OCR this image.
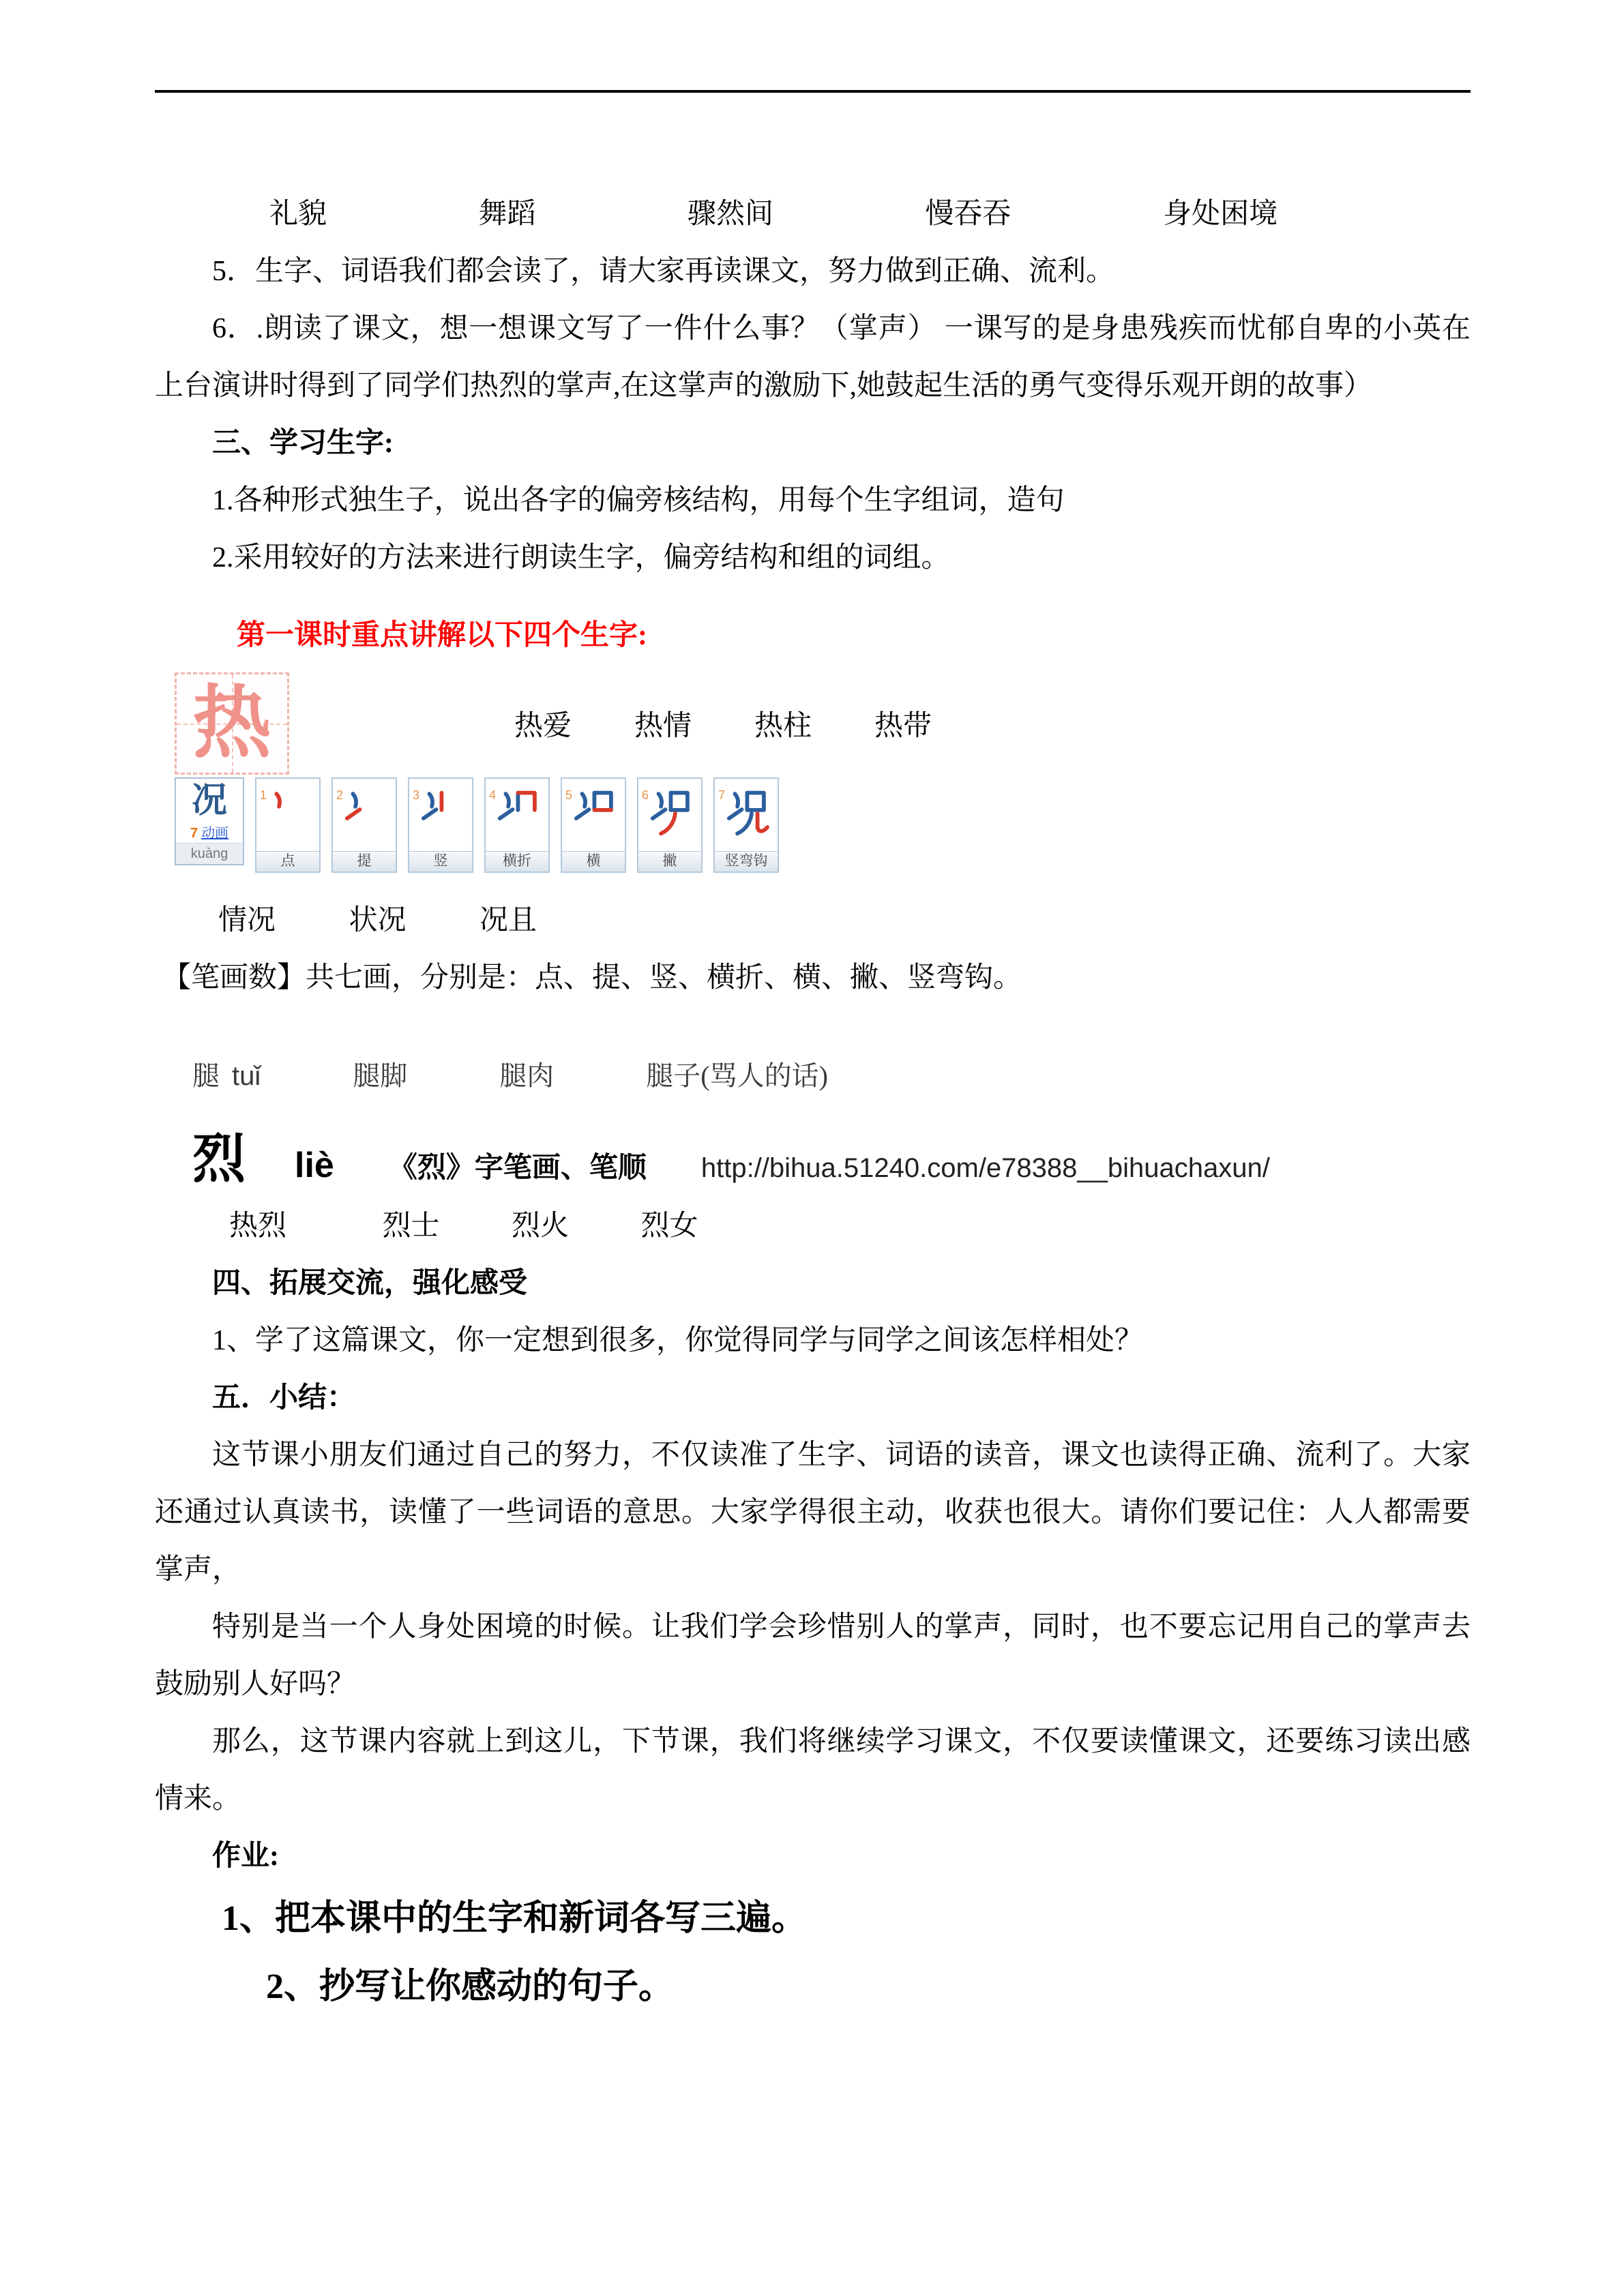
礼貌	舞蹈	骤然间	慢吞吞	身处困境

5．生字、词语我们都会读了，请大家再读课文，努力做到正确、流利。

6．.朗读了课文，想一想课文写了一件什么事？（掌声） 一课写的是身患残疾而忧郁自卑的小英在上台演讲时得到了同学们热烈的掌声,在这掌声的激励下,她鼓起生活的勇气变得乐观开朗的故事）

三、学习生字:

1.各种形式独生子，说出各字的偏旁核结构，用每个生字组词，造句

2.采用较好的方法来进行朗读生字，偏旁结构和组的词组。

第一课时重点讲解以下四个生字:

热	热爱 热情 热柱 热带
况
7 动画
kuàng
1
点
2
提
3
竖
4
横折
5
横
6
撇
7
竖弯钩

情况	状况	况且

【笔画数】共七画，分别是：点、提、竖、横折、横、撇、竖弯钩。

腿 tuǐ	腿脚	腿肉	腿子(骂人的话)

烈 liè 《烈》字笔画、笔顺 http://bihua.51240.com/e78388__bihuachaxun/

热烈	烈士	烈火	烈女

四、拓展交流，强化感受

1、学了这篇课文，你一定想到很多，你觉得同学与同学之间该怎样相处？

五．小结：

这节课小朋友们通过自己的努力，不仅读准了生字、词语的读音，课文也读得正确、流利了。大家还通过认真读书，读懂了一些词语的意思。大家学得很主动，收获也很大。请你们要记住：人人都需要掌声，

特别是当一个人身处困境的时候。让我们学会珍惜别人的掌声，同时，也不要忘记用自己的掌声去鼓励别人好吗？

那么，这节课内容就上到这儿，下节课，我们将继续学习课文，不仅要读懂课文，还要练习读出感情来。

作业:

1、把本课中的生字和新词各写三遍。

2、抄写让你感动的句子。
